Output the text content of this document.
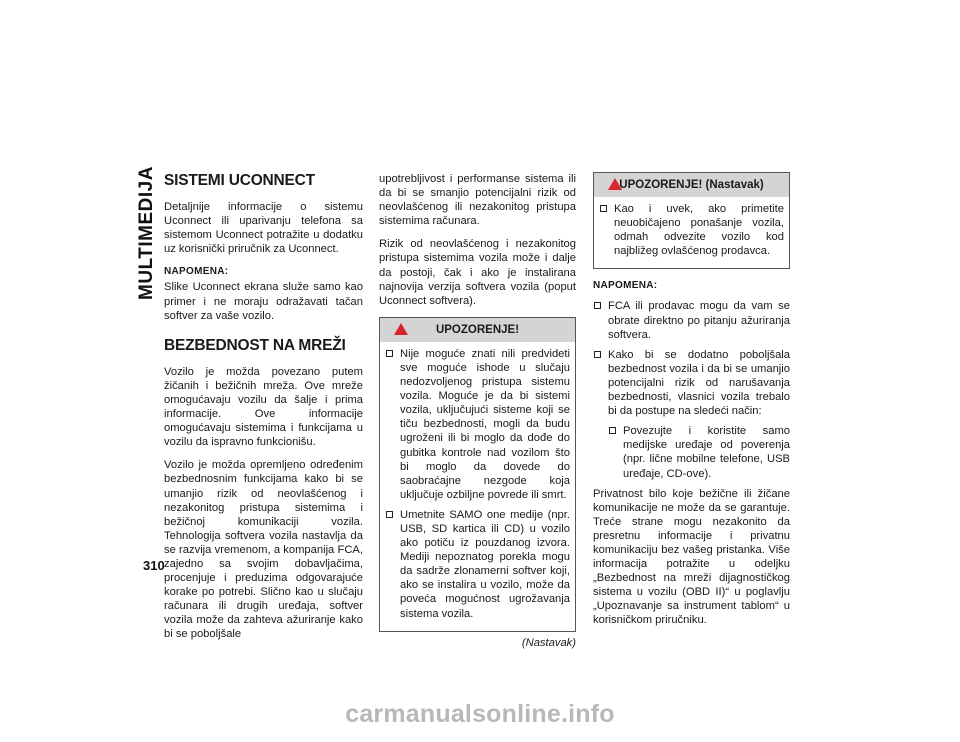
MULTIMEDIJA
310
SISTEMI UCONNECT

Detaljnije informacije o sistemu Uconnect ili uparivanju telefona sa sistemom Uconnect potražite u dodatku uz korisnički priručnik za Uconnect.

NAPOMENA:

Slike Uconnect ekrana služe samo kao primer i ne moraju odražavati tačan softver za vaše vozilo.

BEZBEDNOST NA MREŽI

Vozilo je možda povezano putem žičanih i bežičnih mreža. Ove mreže omogućavaju vozilu da šalje i prima informacije. Ove informacije omogućavaju sistemima i funkcijama u vozilu da ispravno funkcionišu.

Vozilo je možda opremljeno određenim bezbednosnim funkcijama kako bi se umanjio rizik od neovlašćenog i nezakonitog pristupa sistemima i bežičnoj komunikaciji vozila. Tehnologija softvera vozila nastavlja da se razvija vremenom, a kompanija FCA, zajedno sa svojim dobavljačima, procenjuje i preduzima odgovarajuće korake po potrebi. Slično kao u slučaju računara ili drugih uređaja, softver vozila može da zahteva ažuriranje kako bi se poboljšale

upotrebljivost i performanse sistema ili da bi se smanjio potencijalni rizik od neovlašćenog ili nezakonitog pristupa sistemima računara.

Rizik od neovlašćenog i nezakonitog pristupa sistemima vozila može i dalje da postoji, čak i ako je instalirana najnovija verzija softvera vozila (poput Uconnect softvera).

UPOZORENJE!
Nije moguće znati nili predvideti sve moguće ishode u slučaju nedozvoljenog pristupa sistemu vozila. Moguće je da bi sistemi vozila, uključujući sisteme koji se tiču bezbednosti, mogli da budu ugroženi ili bi moglo da dođe do gubitka kontrole nad vozilom što bi moglo da dovede do saobraćajne nezgode koja uključuje ozbiljne povrede ili smrt.
Umetnite SAMO one medije (npr. USB, SD kartica ili CD) u vozilo ako potiču iz pouzdanog izvora. Mediji nepoznatog porekla mogu da sadrže zlonamerni softver koji, ako se instalira u vozilo, može da poveća mogućnost ugrožavanja sistema vozila.
(Nastavak)
UPOZORENJE! (Nastavak)
Kao i uvek, ako primetite neuobičajeno ponašanje vozila, odmah odvezite vozilo kod najbližeg ovlašćenog prodavca.
NAPOMENA:
FCA ili prodavac mogu da vam se obrate direktno po pitanju ažuriranja softvera.
Kako bi se dodatno poboljšala bezbednost vozila i da bi se umanjio potencijalni rizik od narušavanja bezbednosti, vlasnici vozila trebalo bi da postupe na sledeći način:
Povezujte i koristite samo medijske uređaje od poverenja (npr. lične mobilne telefone, USB uređaje, CD-ove).

Privatnost bilo koje bežične ili žičane komunikacije ne može da se garantuje. Treće strane mogu nezakonito da presretnu informacije i privatnu komunikaciju bez vašeg pristanka. Više informacija potražite u odeljku „Bezbednost na mreži dijagnostičkog sistema u vozilu (OBD II)“ u poglavlju „Upoznavanje sa instrument tablom“ u korisničkom priručniku.

carmanualsonline.info
